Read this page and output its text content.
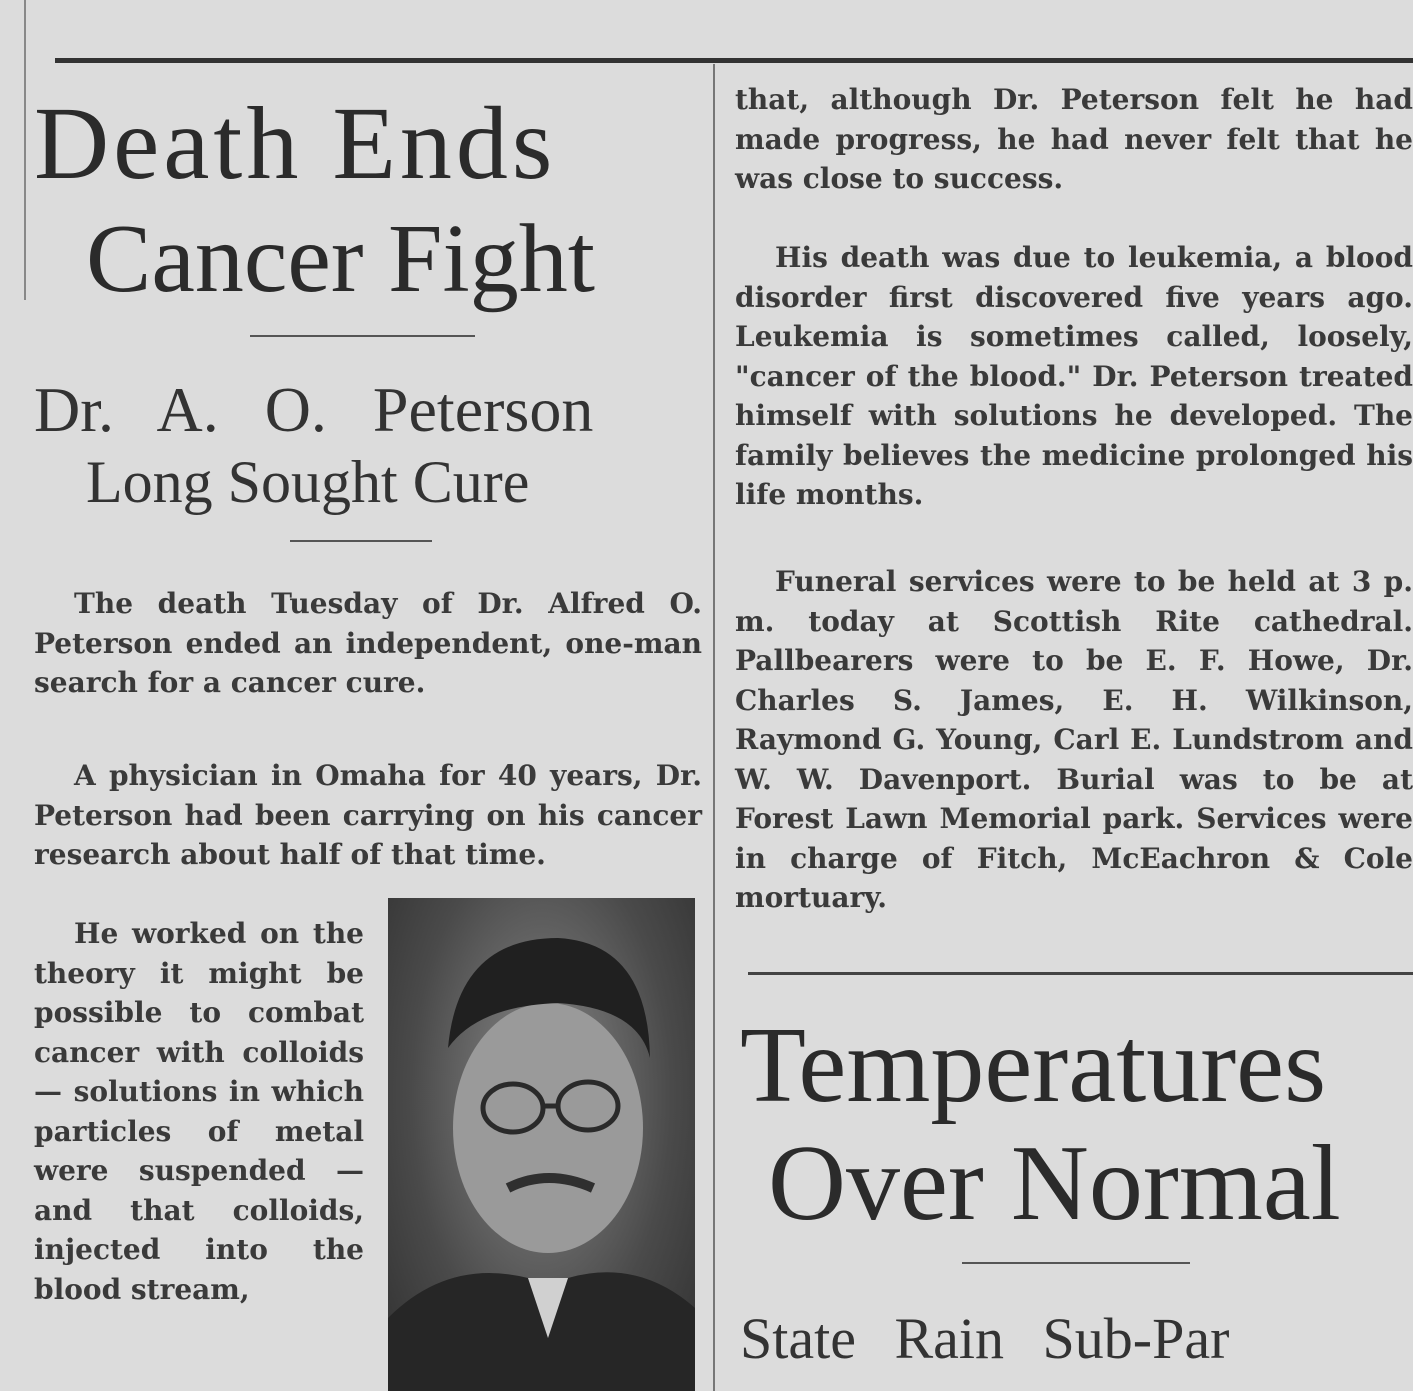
Death Ends
Cancer Fight
Dr. A. O. Peterson
Long Sought Cure

The death Tuesday of Dr. Alfred O. Peterson ended an independent, one-man search for a cancer cure.

A physician in Omaha for 40 years, Dr. Peterson had been carrying on his cancer research about half of that time.

He worked on the theory it might be possible to combat cancer with colloids — solutions in which particles of metal were suspended — and that colloids, injected into the blood stream,

that, although Dr. Peterson felt he had made progress, he had never felt that he was close to success.

His death was due to leukemia, a blood disorder first discovered five years ago. Leukemia is sometimes called, loosely, "cancer of the blood." Dr. Peterson treated himself with solutions he developed. The family believes the medicine prolonged his life months.

Funeral services were to be held at 3 p. m. today at Scottish Rite cathedral. Pallbearers were to be E. F. Howe, Dr. Charles S. James, E. H. Wilkinson, Raymond G. Young, Carl E. Lundstrom and W. W. Davenport. Burial was to be at Forest Lawn Memorial park. Services were in charge of Fitch, McEachron & Cole mortuary.

Temperatures
Over Normal
State Rain Sub-Par
